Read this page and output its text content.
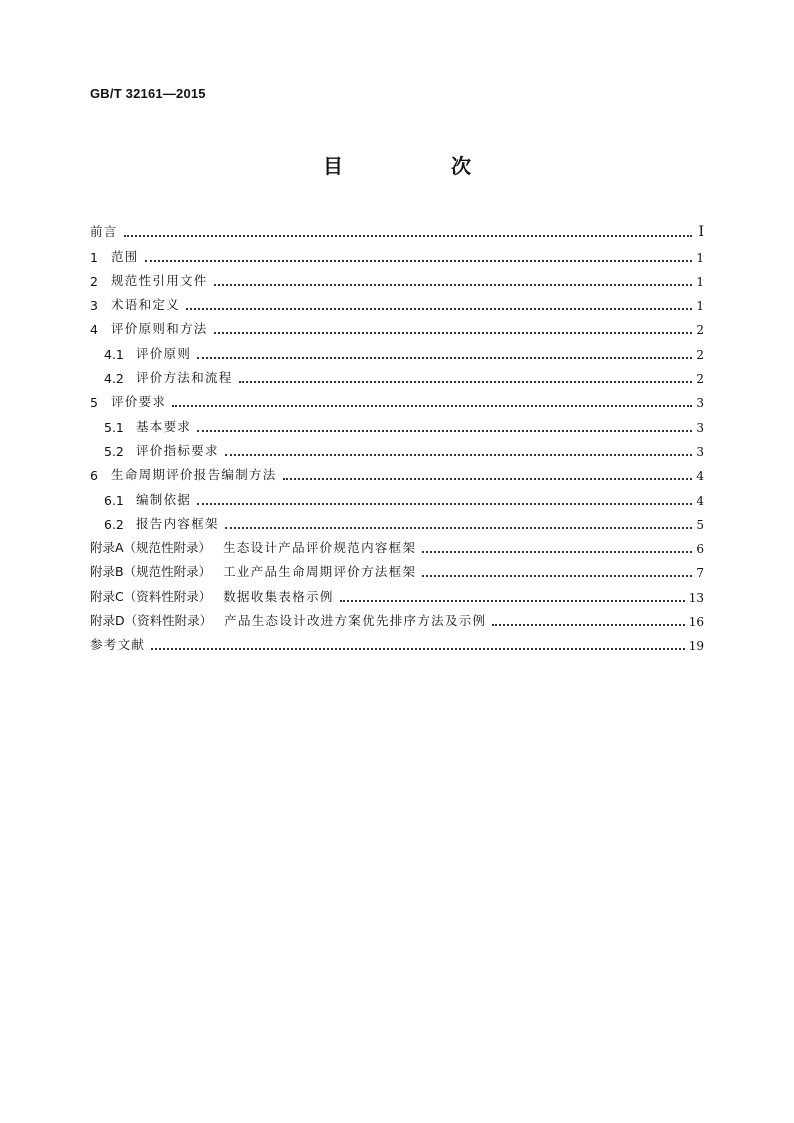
GB/T 32161—2015
目　次
前言	Ⅰ
1	范围	1
2	规范性引用文件	1
3	术语和定义	1
4	评价原则和方法	2
4.1 评价原则	2
4.2 评价方法和流程	2
5	评价要求	3
5.1 基本要求	3
5.2 评价指标要求	3
6	生命周期评价报告编制方法	4
6.1 编制依据	4
6.2 报告内容框架	5
附录A（规范性附录） 生态设计产品评价规范内容框架	6
附录B（规范性附录） 工业产品生命周期评价方法框架	7
附录C（资料性附录） 数据收集表格示例	13
附录D（资料性附录） 产品生态设计改进方案优先排序方法及示例	16
参考文献	19
